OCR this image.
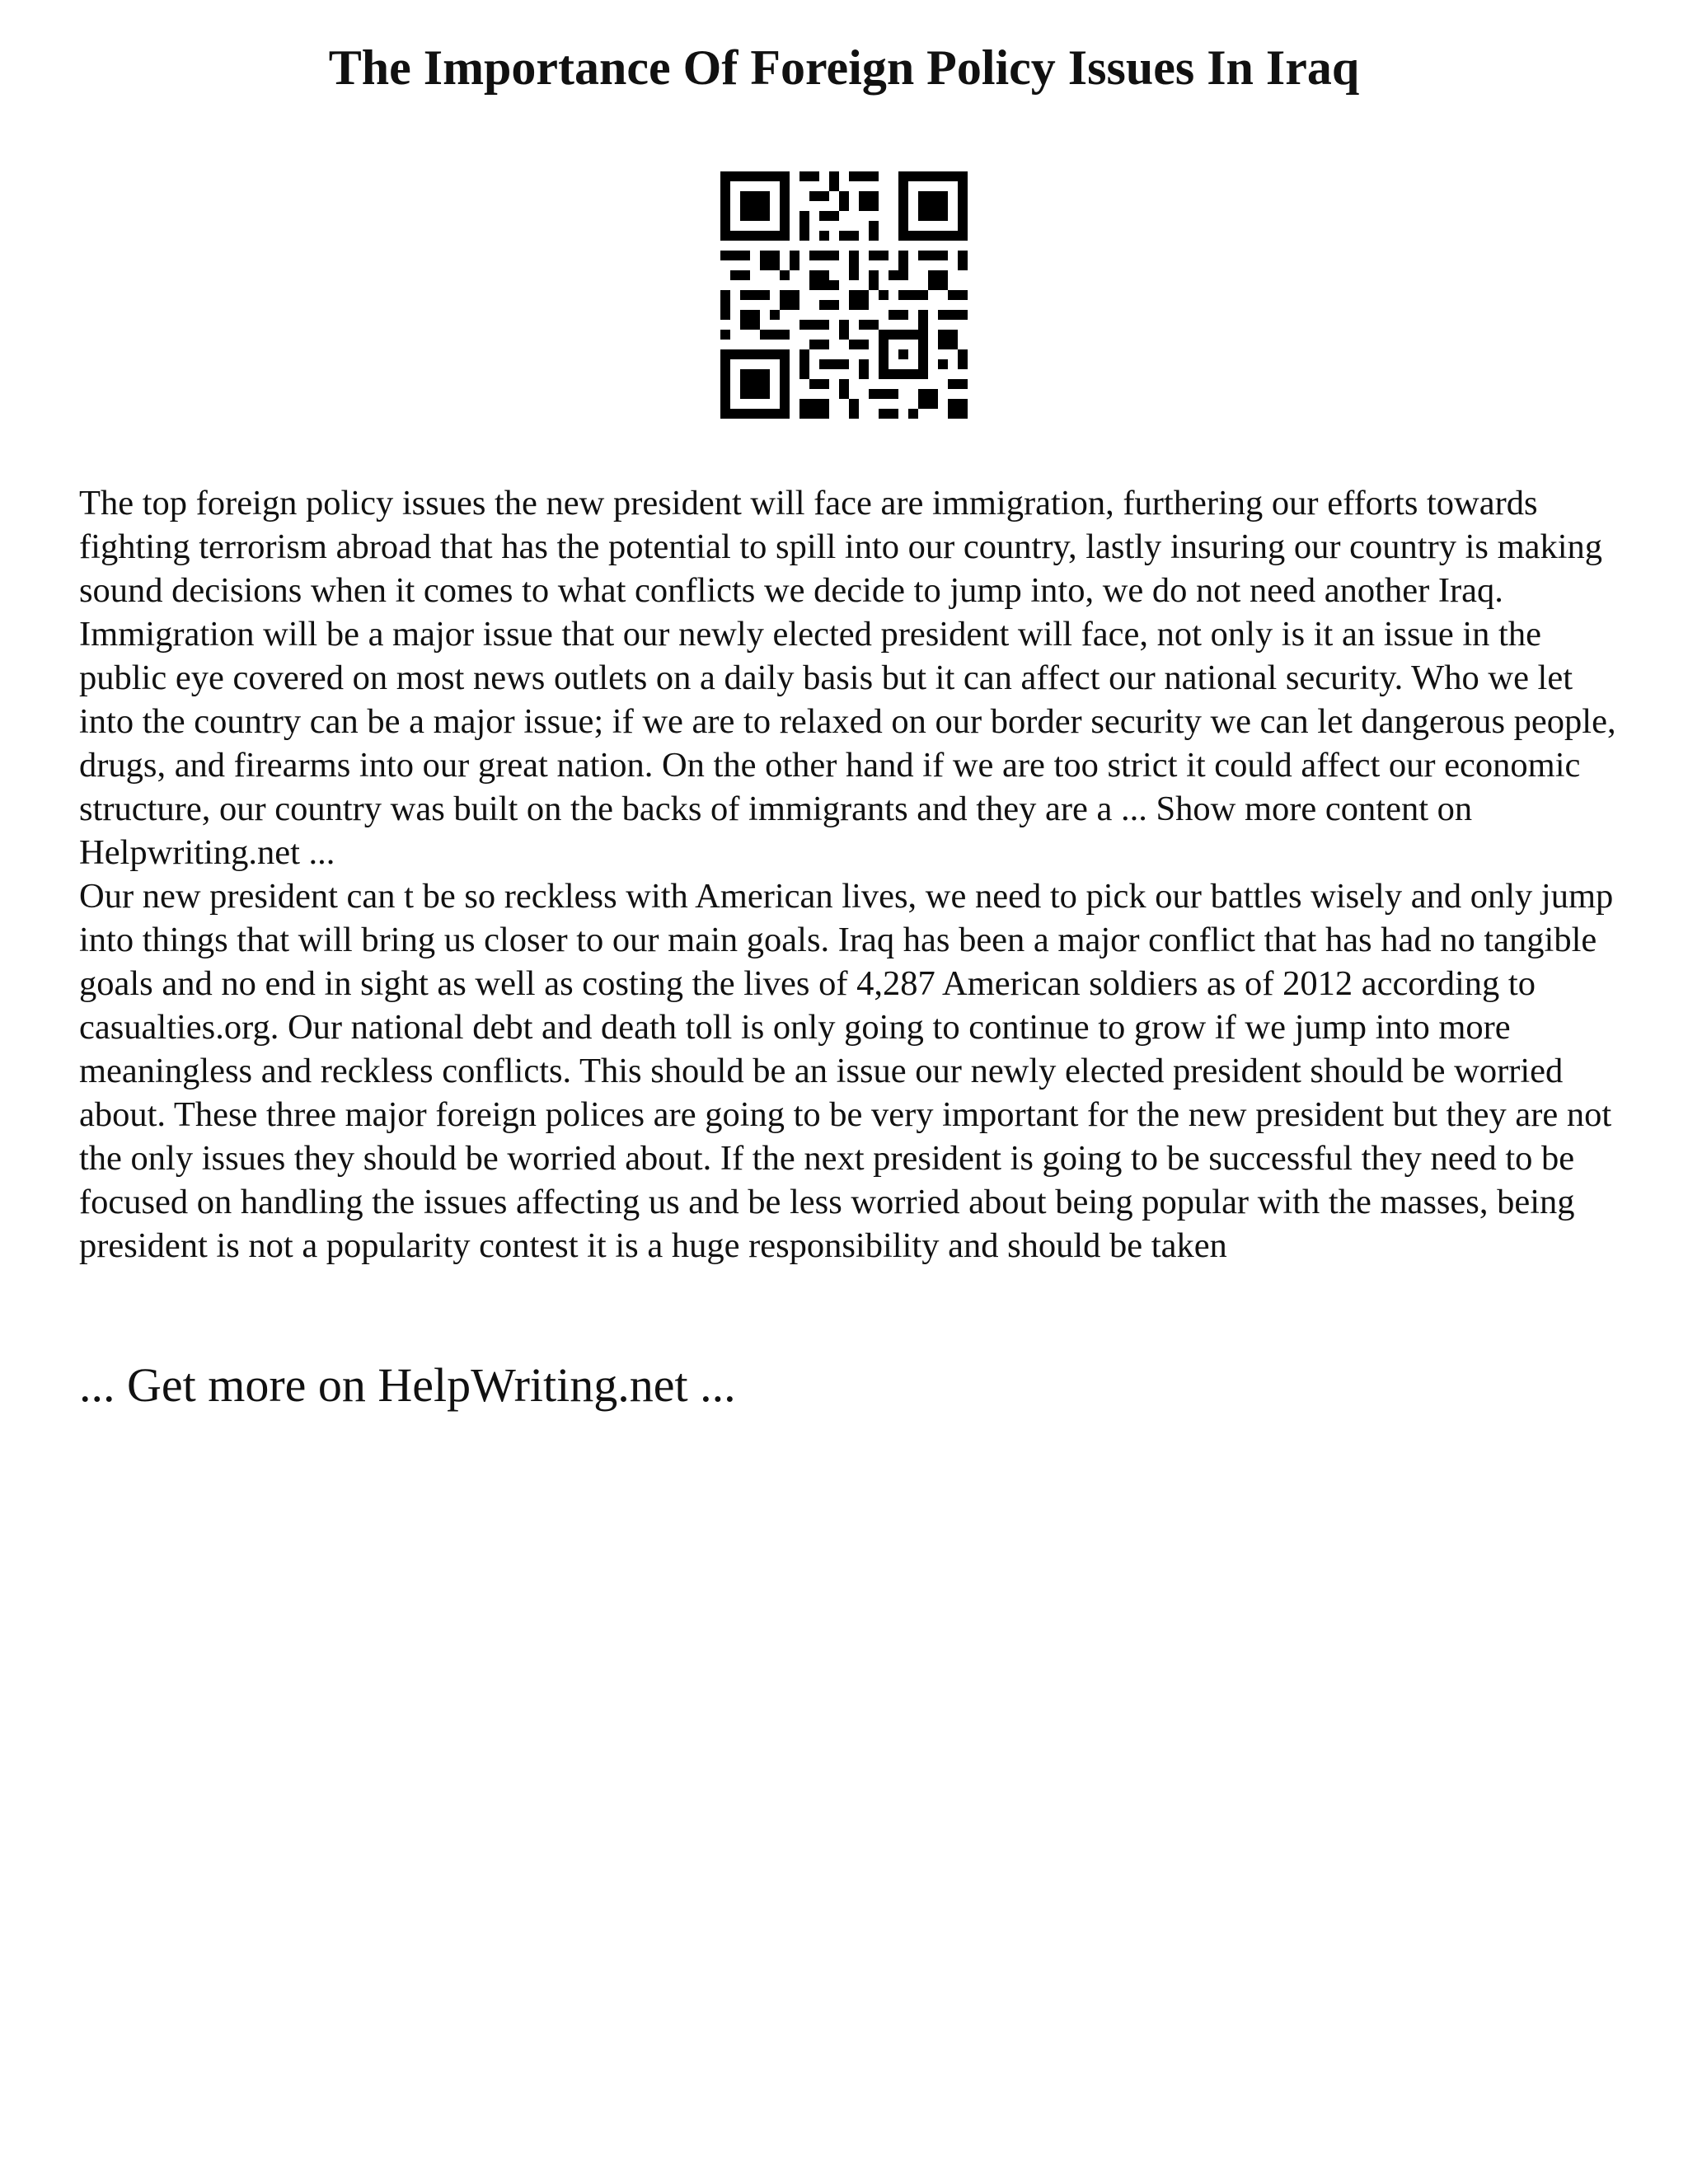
The Importance Of Foreign Policy Issues In Iraq

The top foreign policy issues the new president will face are immigration, furthering our efforts towards fighting terrorism abroad that has the potential to spill into our country, lastly insuring our country is making sound decisions when it comes to what conflicts we decide to jump into, we do not need another Iraq. Immigration will be a major issue that our newly elected president will face, not only is it an issue in the public eye covered on most news outlets on a daily basis but it can affect our national security. Who we let into the country can be a major issue; if we are to relaxed on our border security we can let dangerous people, drugs, and firearms into our great nation. On the other hand if we are too strict it could affect our economic structure, our country was built on the backs of immigrants and they are a ... Show more content on Helpwriting.net ...

Our new president can t be so reckless with American lives, we need to pick our battles wisely and only jump into things that will bring us closer to our main goals. Iraq has been a major conflict that has had no tangible goals and no end in sight as well as costing the lives of 4,287 American soldiers as of 2012 according to casualties.org. Our national debt and death toll is only going to continue to grow if we jump into more meaningless and reckless conflicts. This should be an issue our newly elected president should be worried about. These three major foreign polices are going to be very important for the new president but they are not the only issues they should be worried about. If the next president is going to be successful they need to be focused on handling the issues affecting us and be less worried about being popular with the masses, being president is not a popularity contest it is a huge responsibility and should be taken

... Get more on HelpWriting.net ...
